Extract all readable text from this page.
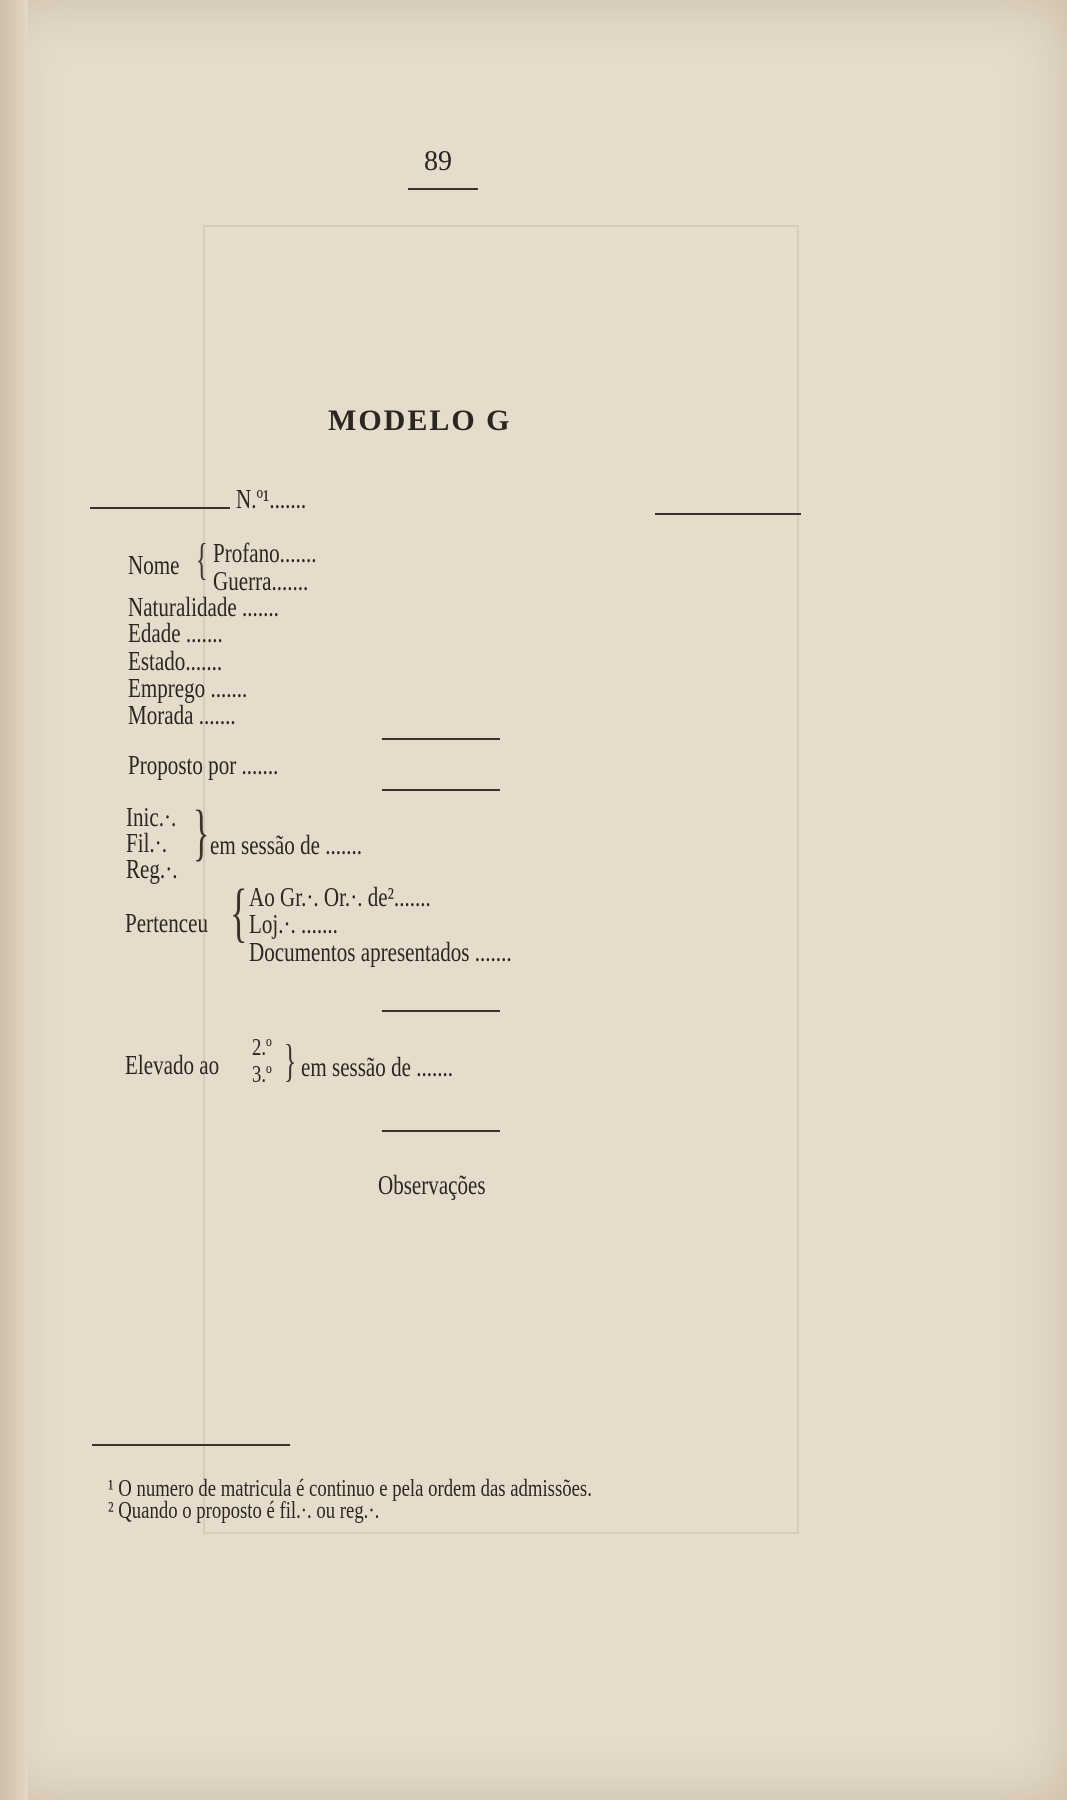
89
MODELO G
N.º¹.......
Nome { Profano.......
Guerra.......
Naturalidade .......
Edade .......
Estado.......
Emprego .......
Morada .......
Proposto por .......
Inic.·.
Fil.·.
Reg.·.
} em sessão de .......
{
Pertenceu
Ao Gr.·. Or.·. de².......
Loj.·. .......
Documentos apresentados .......
Elevado ao
2.º
3.º } em sessão de .......
Observações
¹ O numero de matricula é continuo e pela ordem das admissões.
² Quando o proposto é fil.·. ou reg.·.
